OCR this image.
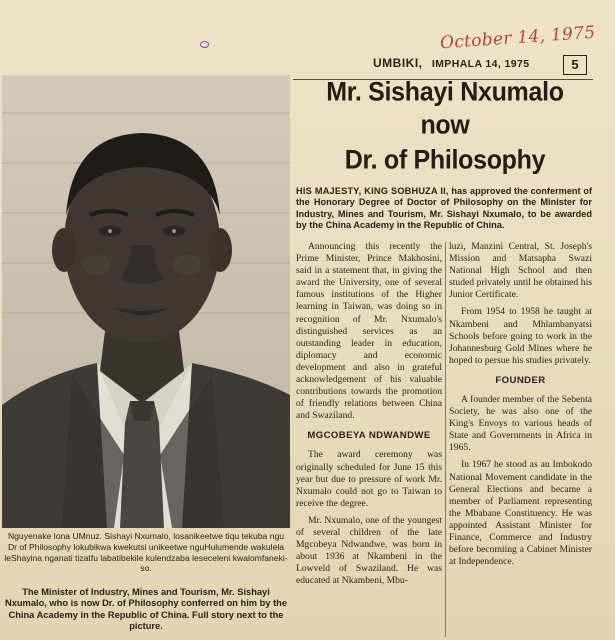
October 14, 1975
UMBIKI, IMPHALA 14, 1975	5
Mr. Sishayi Nxumalo
now
Dr. of Philosophy
Nguyenake lona UMnuz. Sishayi Nxumalo, losanikeetwe tiqu tekuba ngu Dr of Philosophy lokubikwa kwekutsi unikeetwe nguHulumende wakulela leShayina nganati tizatfu labatibekile kulendzaba leseceleni kwalomfaneki- so.
The Minister of Industry, Mines and Tourism, Mr. Sishayi Nxumalo, who is now Dr. of Philosophy conferred on him by the China Academy in the Republic of China. Full story next to the picture.
HIS MAJESTY, KING SOBHUZA II, has approved the conferment of the Honorary Degree of Doctor of Philosophy on the Minister for Industry, Mines and Tourism, Mr. Sishayi Nxumalo, to be awarded by the China Academy in the Republic of China.

Announcing this recently the Prime Minister, Prince Makhosini, said in a statement that, in giving the award the University, one of several famous institutions of the Higher learning in Taiwan, was doing so in recognition of Mr. Nxumalo's distinguished services as an outstanding leader in education, diplomacy and economic development and also in grateful acknowledgement of his valuable contributions towards the promotion of friendly relations between China and Swaziland.

MGCOBEYA NDWANDWE

The award ceremony was originally scheduled for June 15 this year but due to pressure of work Mr. Nxumalo could not go to Taiwan to receive the degree.

Mr. Nxumalo, one of the youngest of several children of the late Mgcobeya Ndwandwe, was born in about 1936 at Nkambeni in the Lowveld of Swaziland. He was educated at Nkambeni, Mbu-

luzi, Manzini Central, St. Joseph's Mission and Matsapha Swazi National High School and then studed privately until he obtained his Junior Certificate.

From 1954 to 1958 he taught at Nkambeni and Mhlambanyatsi Schools before going to work in the Johannesburg Gold Mines where he hoped to persue his studies privately.

FOUNDER

A founder member of the Sebenta Society, he was also one of the King's Envoys to various heads of State and Governments in Africa in 1965.

In 1967 he stood as an Imbokodo National Movement candidate in the General Elections and became a member of Parliament representing the Mbabane Constituency. He was appointed Assistant Minister for Finance, Commerce and Industry before becomiing a Cabinet Minister at Independence.
